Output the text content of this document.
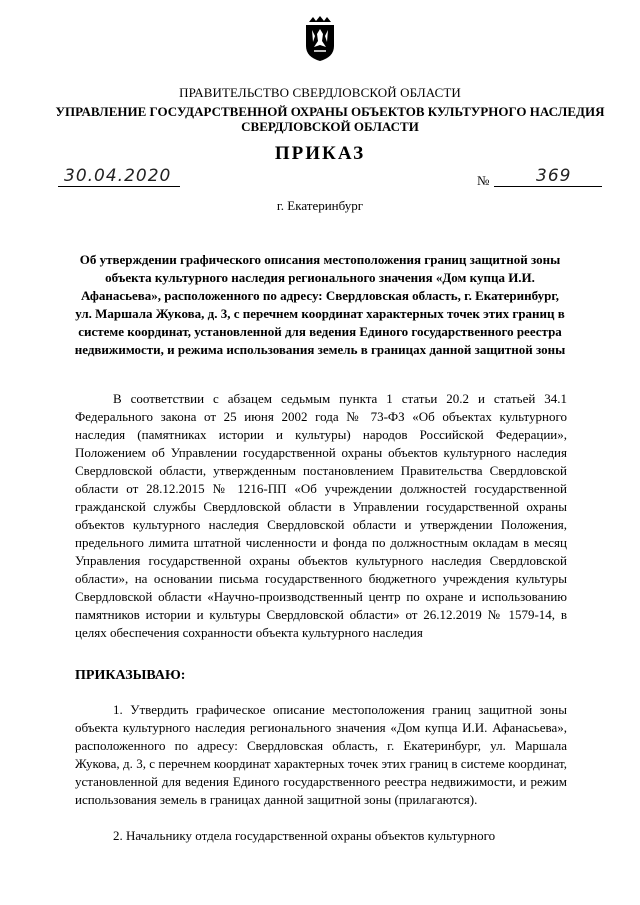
ПРАВИТЕЛЬСТВО СВЕРДЛОВСКОЙ ОБЛАСТИ
УПРАВЛЕНИЕ ГОСУДАРСТВЕННОЙ ОХРАНЫ ОБЪЕКТОВ КУЛЬТУРНОГО НАСЛЕДИЯ СВЕРДЛОВСКОЙ ОБЛАСТИ
ПРИКАЗ
30.04.2020	№	369
г. Екатеринбург
Об утверждении графического описания местоположения границ защитной зоны объекта культурного наследия регионального значения «Дом купца И.И. Афанасьева», расположенного по адресу: Свердловская область, г. Екатеринбург, ул. Маршала Жукова, д. 3, с перечнем координат характерных точек этих границ в системе координат, установленной для ведения Единого государственного реестра недвижимости, и режима использования земель в границах данной защитной зоны

В соответствии с абзацем седьмым пункта 1 статьи 20.2 и статьей 34.1 Федерального закона от 25 июня 2002 года № 73-ФЗ «Об объектах культурного наследия (памятниках истории и культуры) народов Российской Федерации», Положением об Управлении государственной охраны объектов культурного наследия Свердловской области, утвержденным постановлением Правительства Свердловской области от 28.12.2015 № 1216-ПП «Об учреждении должностей государственной гражданской службы Свердловской области в Управлении государственной охраны объектов культурного наследия Свердловской области и утверждении Положения, предельного лимита штатной численности и фонда по должностным окладам в месяц Управления государственной охраны объектов культурного наследия Свердловской области», на основании письма государственного бюджетного учреждения культуры Свердловской области «Научно-производственный центр по охране и использованию памятников истории и культуры Свердловской области» от 26.12.2019 № 1579-14, в целях обеспечения сохранности объекта культурного наследия

ПРИКАЗЫВАЮ:

1. Утвердить графическое описание местоположения границ защитной зоны объекта культурного наследия регионального значения «Дом купца И.И. Афанасьева», расположенного по адресу: Свердловская область, г. Екатеринбург, ул. Маршала Жукова, д. 3, с перечнем координат характерных точек этих границ в системе координат, установленной для ведения Единого государственного реестра недвижимости, и режим использования земель в границах данной защитной зоны (прилагаются).

2. Начальнику отдела государственной охраны объектов культурного
